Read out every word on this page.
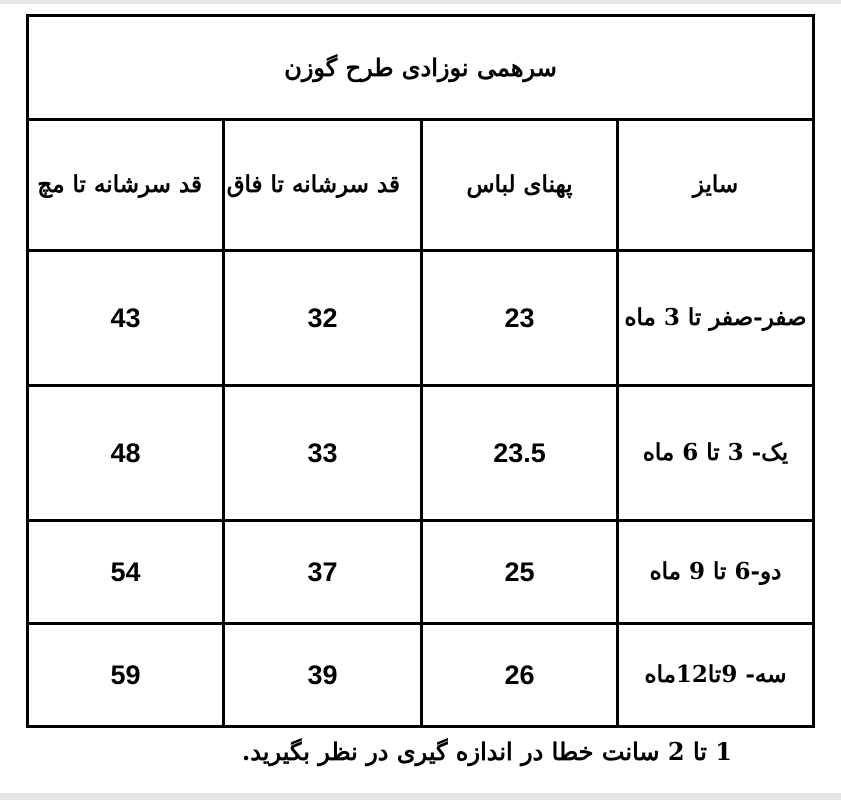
سرهمی نوزادی طرح گوزن			
سایز	پهنای لباس	قد سرشانه تا فاق	قد سرشانه تا مچ
صفر-صفر تا 3 ماه	23	32	43
یک- 3 تا 6 ماه	23.5	33	48
دو-6 تا 9 ماه	25	37	54
سه- 9تا12ماه	26	39	59
1 تا 2 سانت خطا در اندازه گیری در نظر بگیرید.
